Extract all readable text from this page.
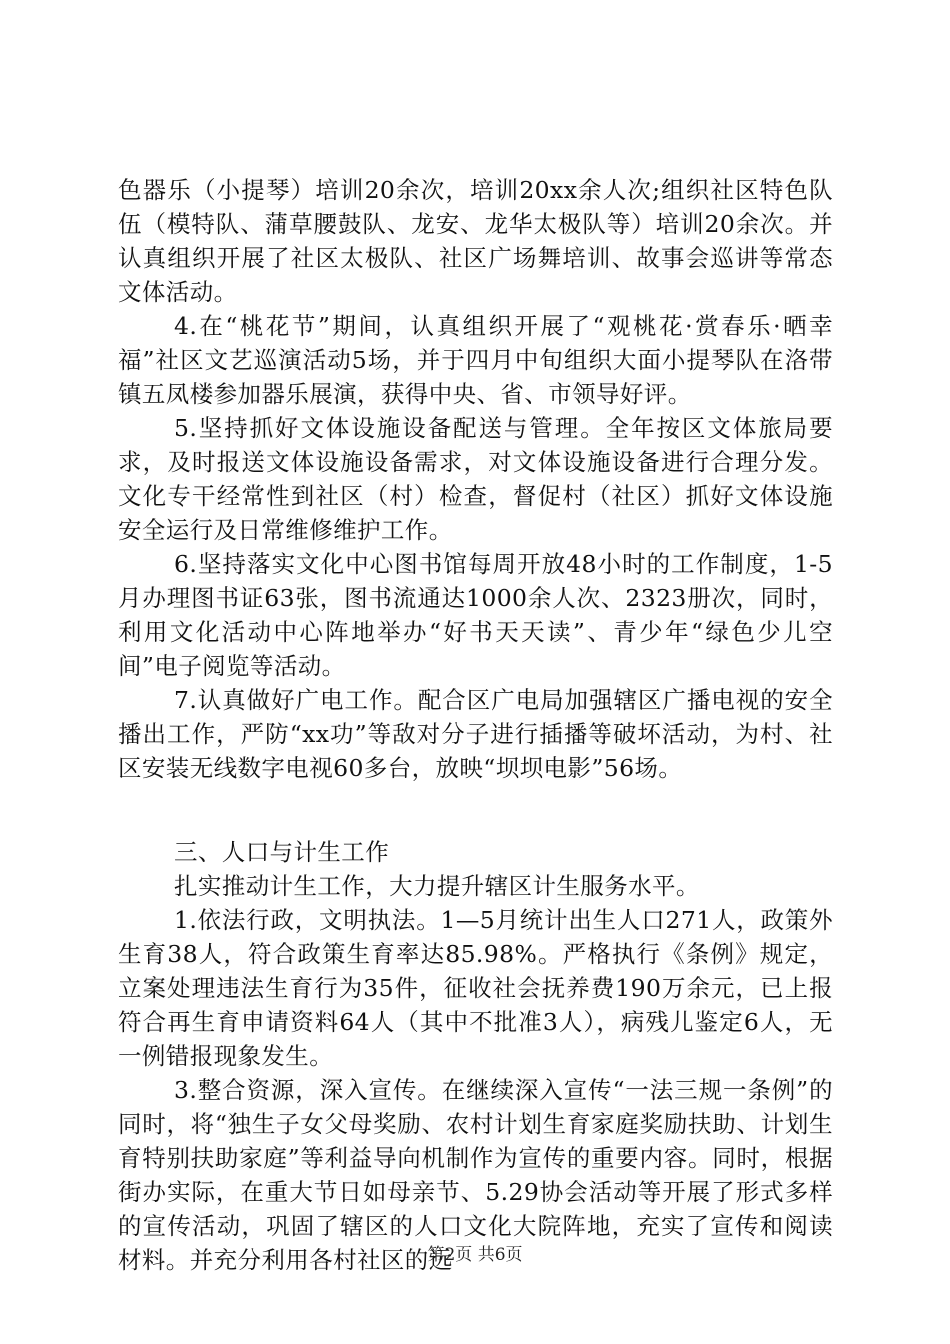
色器乐（小提琴）培训20余次，培训20xx余人次;组织社区特色队伍（模特队、蒲草腰鼓队、龙安、龙华太极队等）培训20余次。并认真组织开展了社区太极队、社区广场舞培训、故事会巡讲等常态文体活动。

4.在“桃花节”期间，认真组织开展了“观桃花·赏春乐·晒幸福”社区文艺巡演活动5场，并于四月中旬组织大面小提琴队在洛带镇五凤楼参加器乐展演，获得中央、省、市领导好评。

5.坚持抓好文体设施设备配送与管理。全年按区文体旅局要求，及时报送文体设施设备需求，对文体设施设备进行合理分发。文化专干经常性到社区（村）检查，督促村（社区）抓好文体设施安全运行及日常维修维护工作。

6.坚持落实文化中心图书馆每周开放48小时的工作制度，1-5月办理图书证63张，图书流通达1000余人次、2323册次，同时，利用文化活动中心阵地举办“好书天天读”、青少年“绿色少儿空间”电子阅览等活动。

7.认真做好广电工作。配合区广电局加强辖区广播电视的安全播出工作，严防“xx功”等敌对分子进行插播等破坏活动，为村、社区安装无线数字电视60多台，放映“坝坝电影”56场。

三、人口与计生工作

扎实推动计生工作，大力提升辖区计生服务水平。

1.依法行政，文明执法。1—5月统计出生人口271人，政策外生育38人，符合政策生育率达85.98%。严格执行《条例》规定，立案处理违法生育行为35件，征收社会抚养费190万余元，已上报符合再生育申请资料64人（其中不批准3人），病残儿鉴定6人，无一例错报现象发生。

3.整合资源，深入宣传。在继续深入宣传“一法三规一条例”的同时，将“独生子女父母奖励、农村计划生育家庭奖励扶助、计划生育特别扶助家庭”等利益导向机制作为宣传的重要内容。同时，根据街办实际，在重大节日如母亲节、5.29协会活动等开展了形式多样的宣传活动，巩固了辖区的人口文化大院阵地，充实了宣传和阅读材料。并充分利用各村社区的远

第2页 共6页
